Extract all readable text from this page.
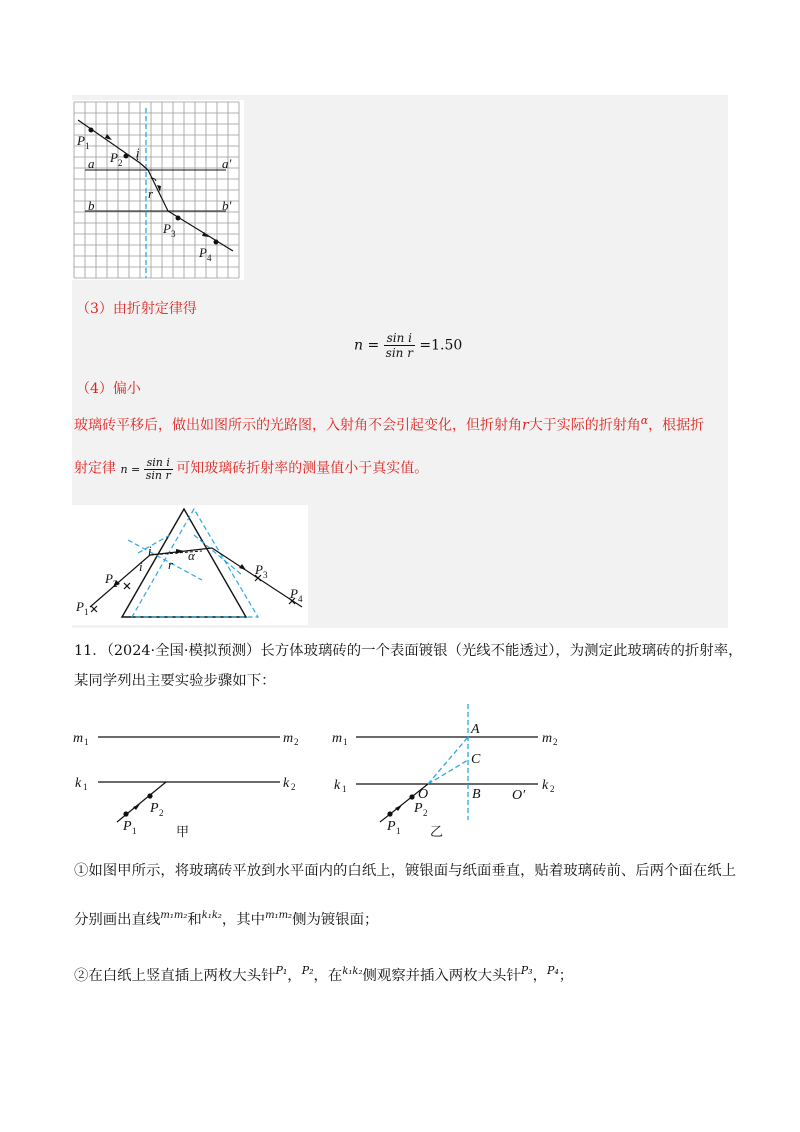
P 1
P 2
i
a	a′
b	b′
r
P 3
P 4
（3）由折射定律得
$n = \frac{\text{sin i}}{\text{sin r}} =1.50$
（4）偏小
玻璃砖平移后，做出如图所示的光路图，入射角不会引起变化，但折射角r大于实际的折射角$^\alpha$，根据折
射定律 $n = \frac{\text{sin i}}{\text{sin r}}$ 可知玻璃砖折射率的测量值小于真实值。
P 1
P 2
i
i r
α
P 3
P 4
11．（2024·全国·模拟预测）长方体玻璃砖的一个表面镀银（光线不能透过），为测定此玻璃砖的折射率，
某同学列出主要实验步骤如下：
m 1	m 2
k 1	k 2
P 1
P 2
甲
m 1	m 2
k 1	k 2
A
C
O	B O′
P 1
P 2
乙
①如图甲所示，将玻璃砖平放到水平面内的白纸上，镀银面与纸面垂直，贴着玻璃砖前、后两个面在纸上
分别画出直线$^{m_1m_2}$和$^{k_1k_2}$，其中$^{m_1m_2}$侧为镀银面；
②在白纸上竖直插上两枚大头针$^{P_1}$，$^{P_2}$，在$^{k_1k_2}$侧观察并插入两枚大头针$^{P_3}$，$^{P_4}$；
